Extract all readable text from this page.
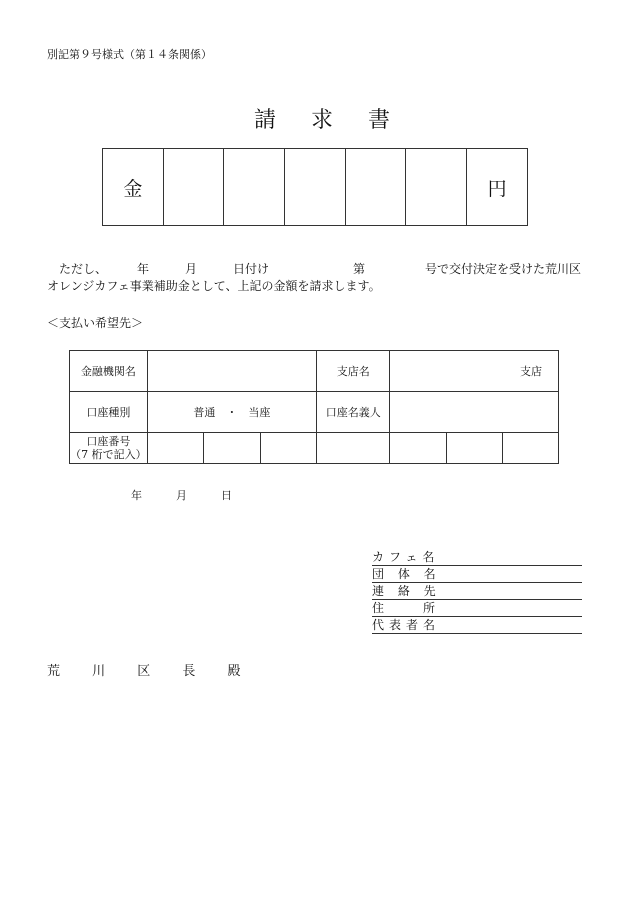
別記第９号様式（第１４条関係）
請 求 書
金						円
　ただし、　　　年　　　月　　　日付け　　　　　　　第　　　　　号で交付決定を受けた荒川区
オレンジカフェ事業補助金として、上記の金額を請求します。
＜支払い希望先＞
金融機関名				支店名	支店		
口座種別	普通　・　当座			口座名義人			
口座番号
（7 桁で記入）							
年	月	日
カフェ名
団 体 名
連 絡 先
住　　所
代表者名
荒 川 区 長 殿
